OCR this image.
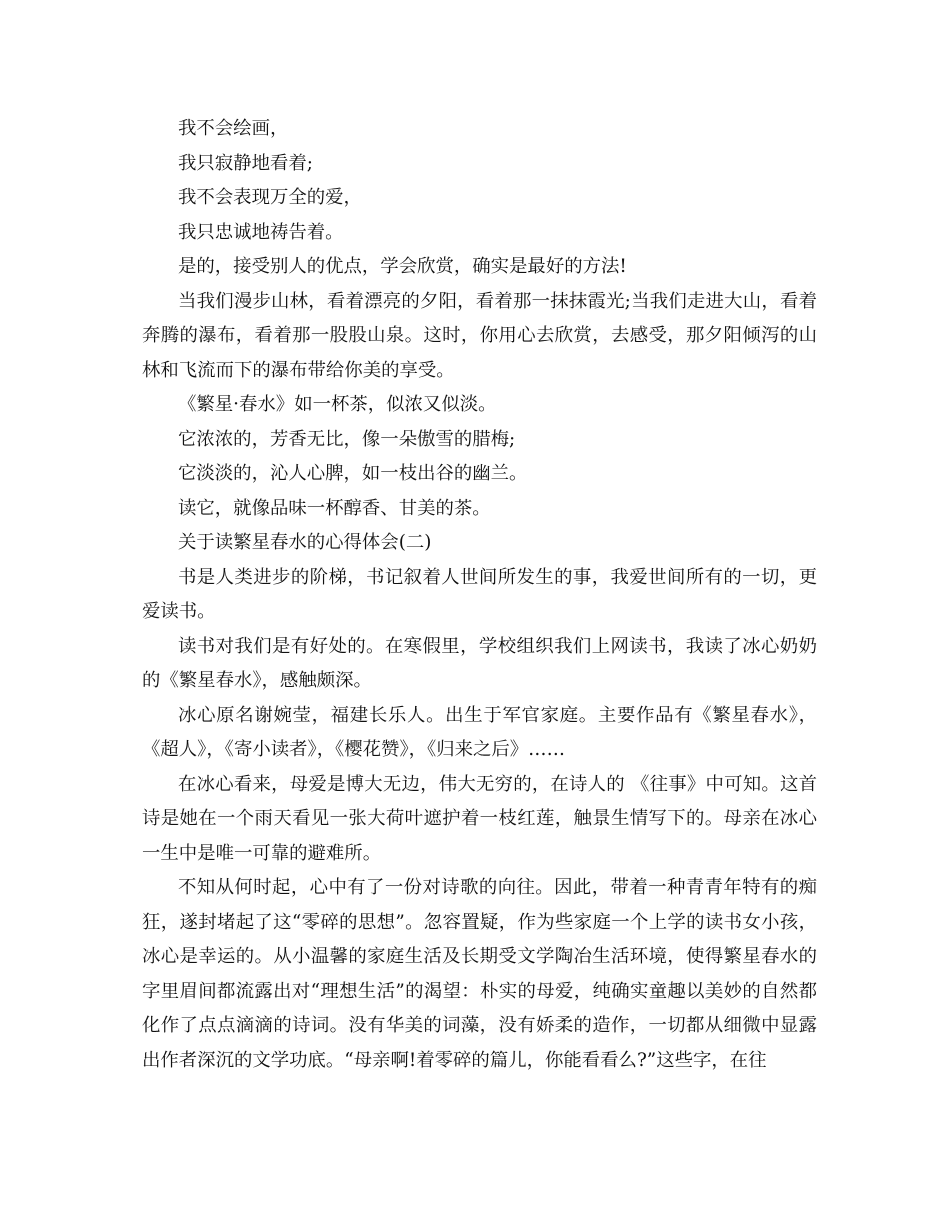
我不会绘画，

我只寂静地看着;

我不会表现万全的爱，

我只忠诚地祷告着。

是的，接受别人的优点，学会欣赏，确实是最好的方法!

当我们漫步山林，看着漂亮的夕阳，看着那一抹抹霞光;当我们走进大山，看着奔腾的瀑布，看着那一股股山泉。这时，你用心去欣赏，去感受，那夕阳倾泻的山林和飞流而下的瀑布带给你美的享受。

《繁星·春水》如一杯茶，似浓又似淡。

它浓浓的，芳香无比，像一朵傲雪的腊梅;

它淡淡的，沁人心脾，如一枝出谷的幽兰。

读它，就像品味一杯醇香、甘美的茶。

关于读繁星春水的心得体会(二)

书是人类进步的阶梯，书记叙着人世间所发生的事，我爱世间所有的一切，更爱读书。

读书对我们是有好处的。在寒假里，学校组织我们上网读书，我读了冰心奶奶的《繁星春水》，感触颇深。

冰心原名谢婉莹，福建长乐人。出生于军官家庭。主要作品有《繁星春水》，《超人》，《寄小读者》，《樱花赞》，《归来之后》……

在冰心看来，母爱是博大无边，伟大无穷的，在诗人的 《往事》中可知。这首诗是她在一个雨天看见一张大荷叶遮护着一枝红莲，触景生情写下的。母亲在冰心一生中是唯一可靠的避难所。

不知从何时起，心中有了一份对诗歌的向往。因此，带着一种青青年特有的痴狂，遂封堵起了这“零碎的思想”。忽容置疑，作为些家庭一个上学的读书女小孩，冰心是幸运的。从小温馨的家庭生活及长期受文学陶冶生活环境，使得繁星春水的字里眉间都流露出对“理想生活”的渴望：朴实的母爱，纯确实童趣以美妙的自然都化作了点点滴滴的诗词。没有华美的词藻，没有娇柔的造作，一切都从细微中显露出作者深沉的文学功底。“母亲啊!着零碎的篇儿，你能看看么?”这些字，在往
